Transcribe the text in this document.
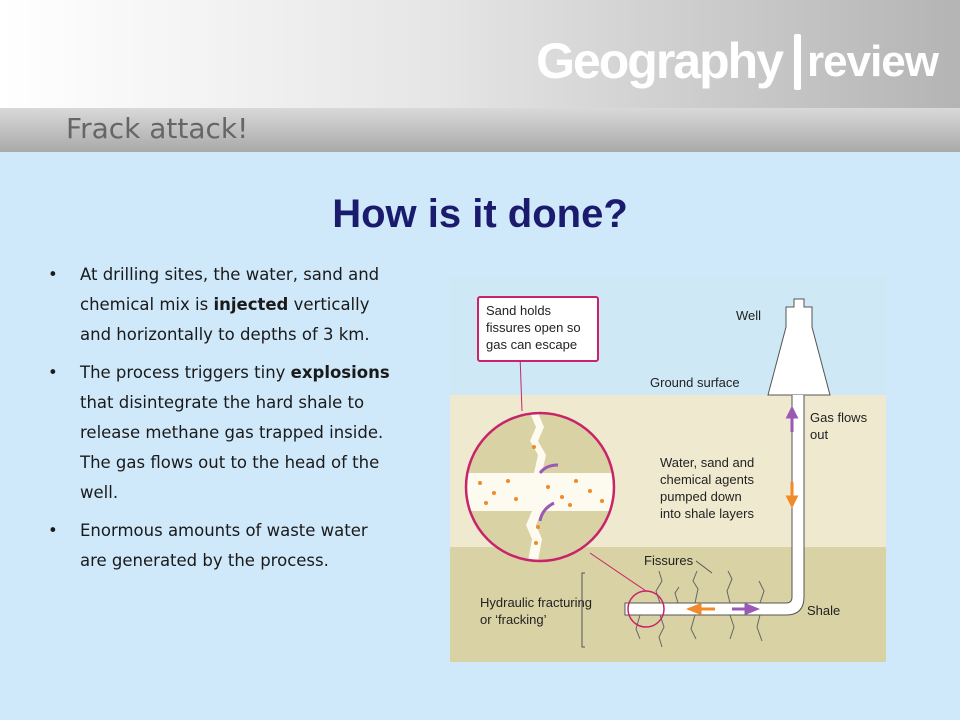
Geography review
Frack attack!
How is it done?
• At drilling sites, the water, sand and chemical mix is injected vertically and horizontally to depths of 3 km.
• The process triggers tiny explosions that disintegrate the hard shale to release methane gas trapped inside. The gas flows out to the head of the well.
• Enormous amounts of waste water are generated by the process.
Sand holds
fissures open so
gas can escape
Well
Ground surface
Gas flows
out
Water, sand and
chemical agents
pumped down
into shale layers
Fissures
Shale
Hydraulic fracturing
or ‘fracking’
